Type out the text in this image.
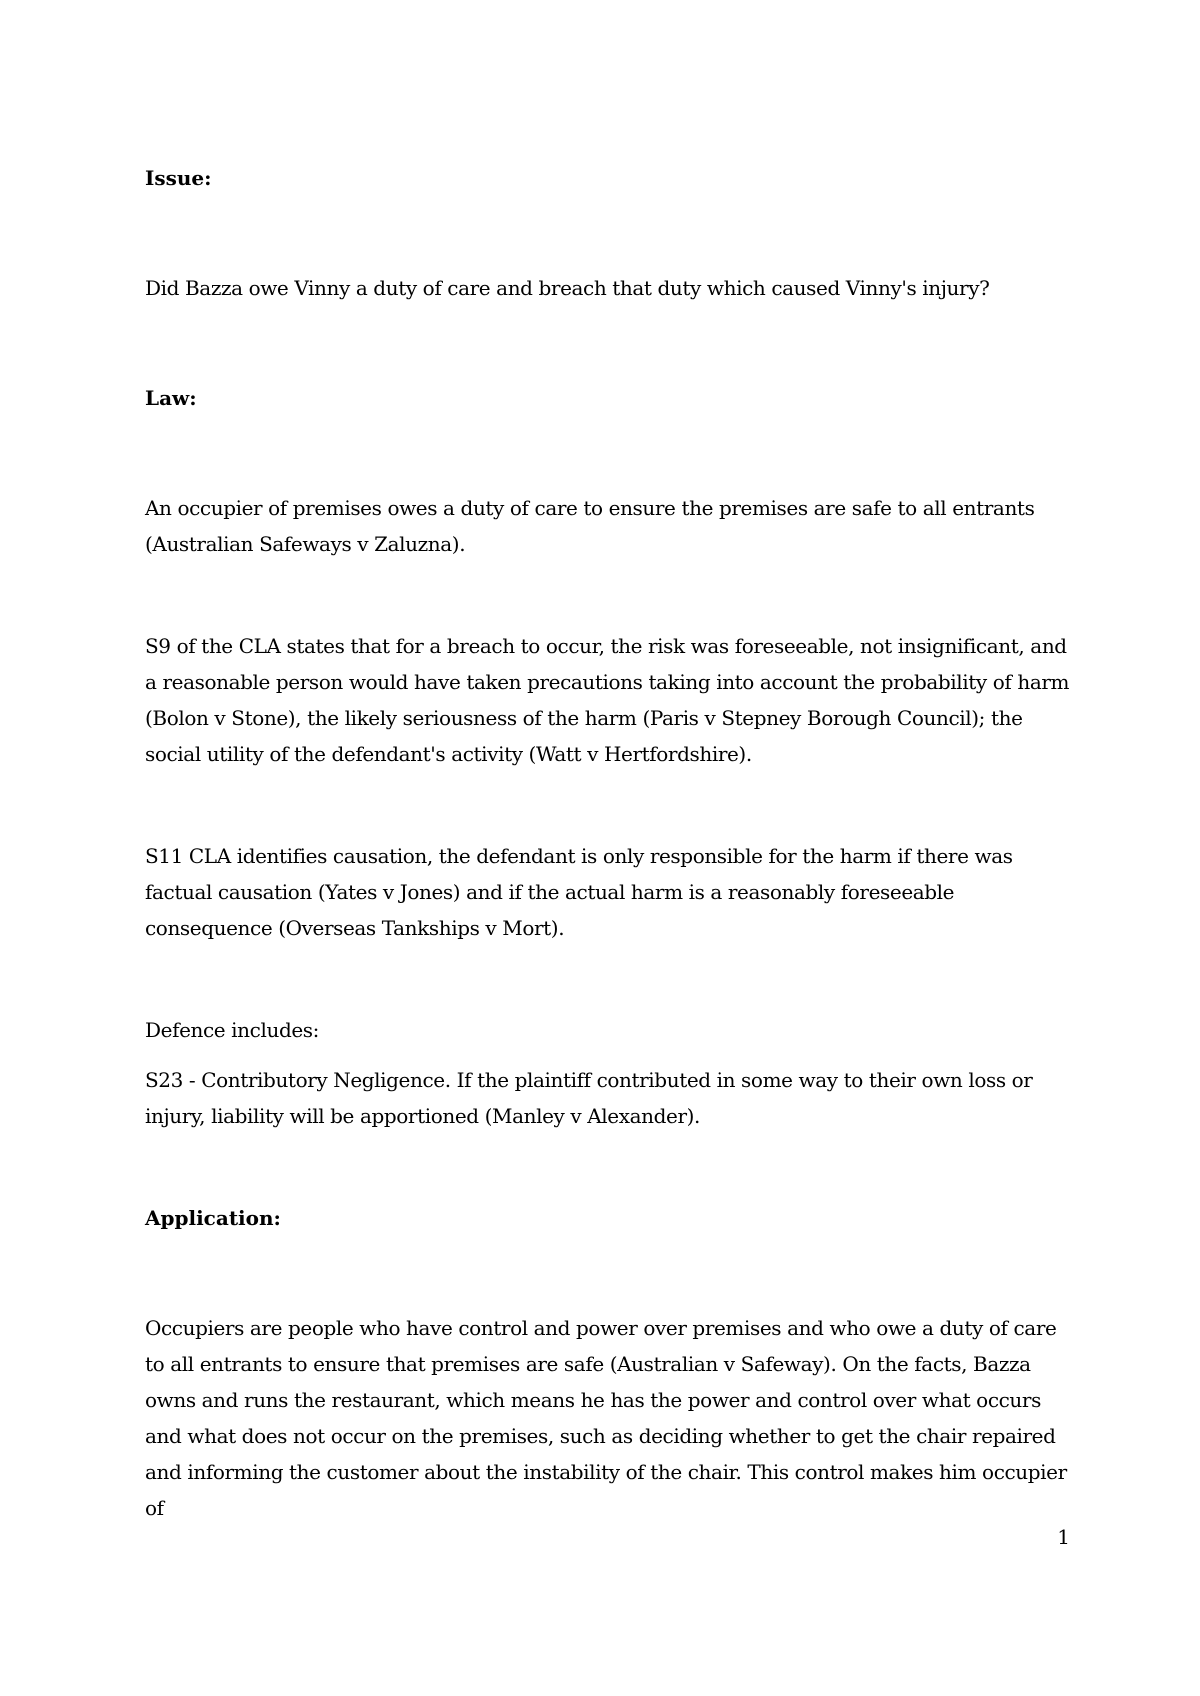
Issue:

Did Bazza owe Vinny a duty of care and breach that duty which caused Vinny's injury?

Law:

An occupier of premises owes a duty of care to ensure the premises are safe to all entrants (Australian Safeways v Zaluzna).

S9 of the CLA states that for a breach to occur, the risk was foreseeable, not insignificant, and a reasonable person would have taken precautions taking into account the probability of harm (Bolon v Stone), the likely seriousness of the harm (Paris v Stepney Borough Council); the social utility of the defendant's activity (Watt v Hertfordshire).

S11 CLA identifies causation, the defendant is only responsible for the harm if there was factual causation (Yates v Jones) and if the actual harm is a reasonably foreseeable consequence (Overseas Tankships v Mort).

Defence includes:

S23 - Contributory Negligence. If the plaintiff contributed in some way to their own loss or injury, liability will be apportioned (Manley v Alexander).

Application:

Occupiers are people who have control and power over premises and who owe a duty of care to all entrants to ensure that premises are safe (Australian v Safeway). On the facts, Bazza owns and runs the restaurant, which means he has the power and control over what occurs and what does not occur on the premises, such as deciding whether to get the chair repaired and informing the customer about the instability of the chair. This control makes him occupier of

1
